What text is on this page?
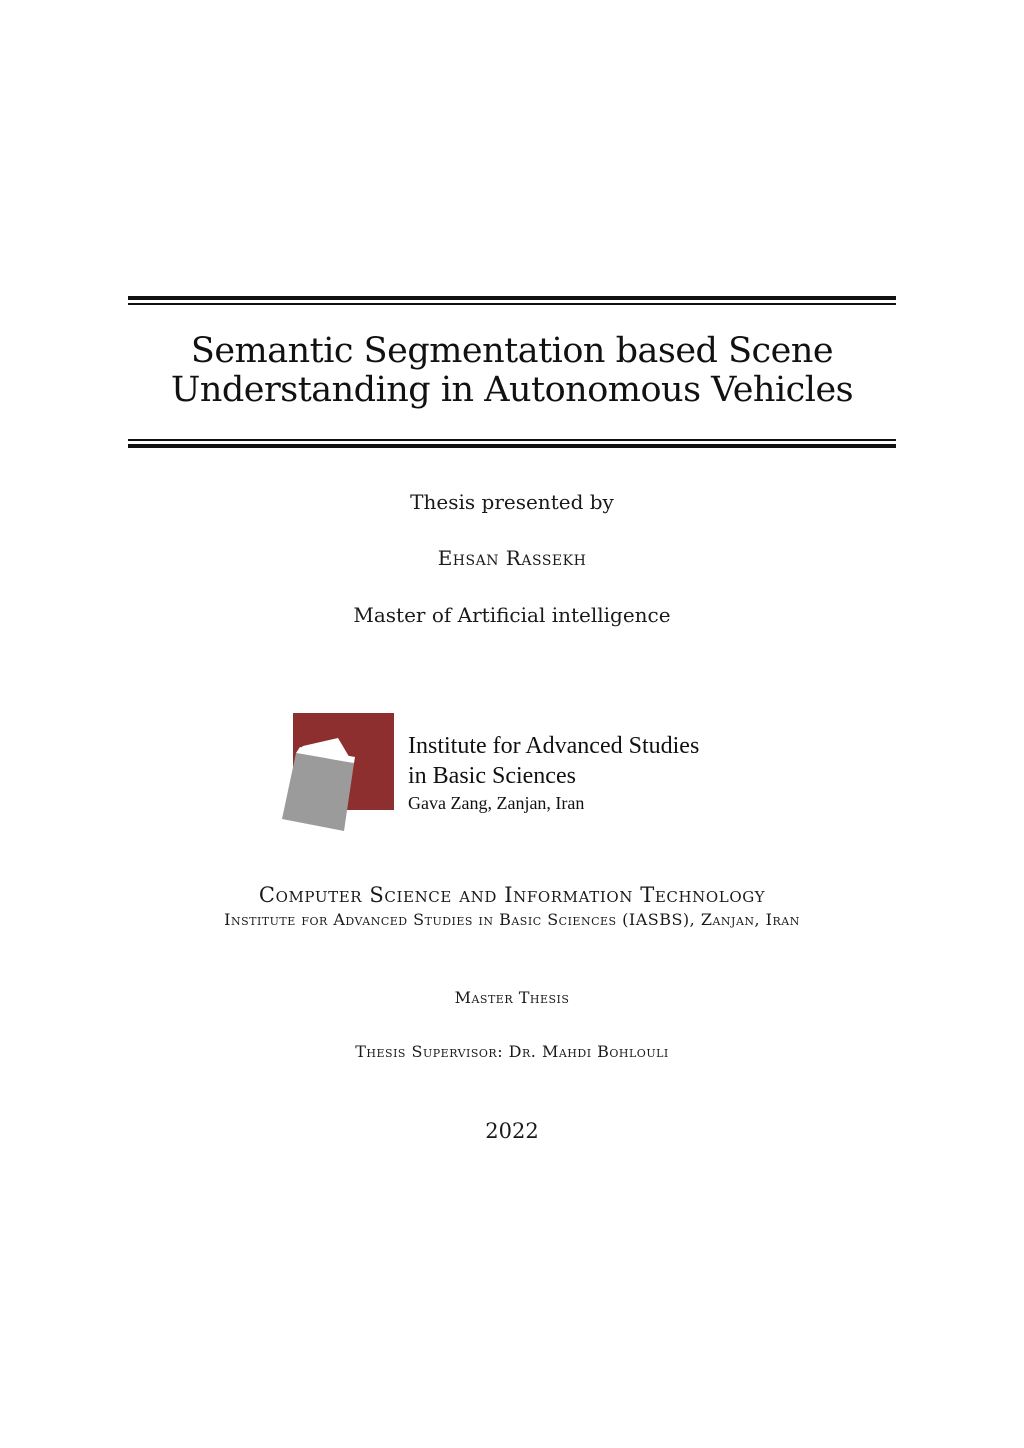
Semantic Segmentation based Scene
Understanding in Autonomous Vehicles
Thesis presented by
Ehsan Rassekh
Master of Artificial intelligence
Institute for Advanced Studies
in Basic Sciences
Gava Zang, Zanjan, Iran
Computer Science and Information Technology
Institute for Advanced Studies in Basic Sciences (IASBS), Zanjan, Iran
Master Thesis
Thesis Supervisor: Dr. Mahdi Bohlouli
2022
